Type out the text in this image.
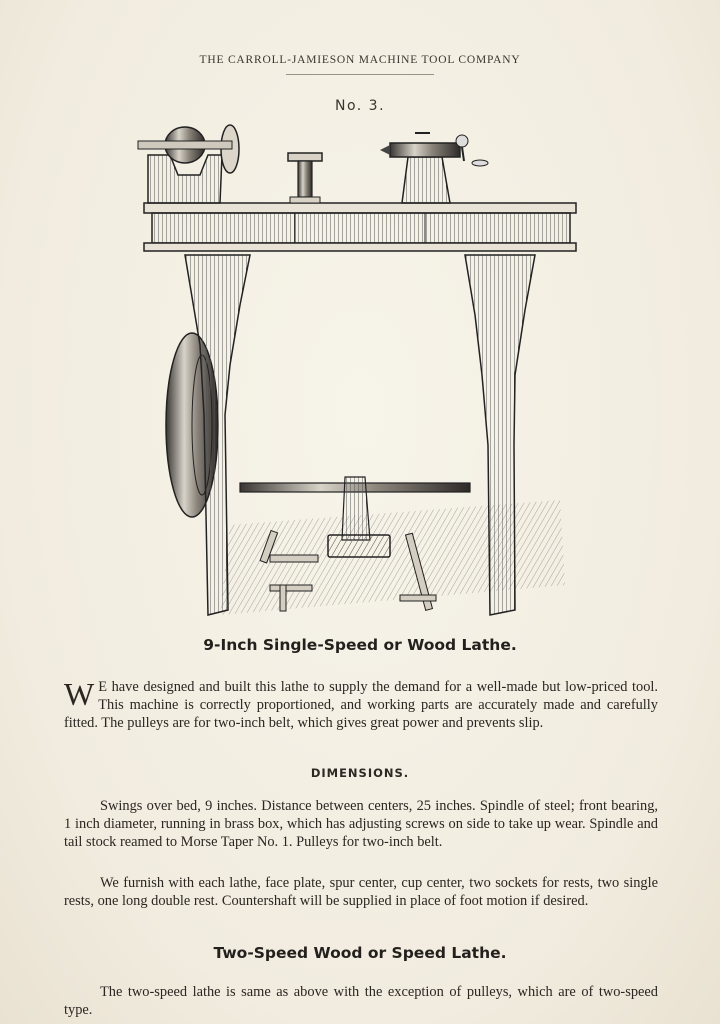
THE CARROLL-JAMIESON MACHINE TOOL COMPANY
No. 3.
9-Inch Single-Speed or Wood Lathe.
W E have designed and built this lathe to supply the demand for a well-made but low-priced tool. This machine is correctly proportioned, and working parts are accurately made and carefully fitted. The pulleys are for two-inch belt, which gives great power and prevents slip.
DIMENSIONS.
Swings over bed, 9 inches. Distance between centers, 25 inches. Spindle of steel; front bearing, 1 inch diameter, running in brass box, which has adjusting screws on side to take up wear. Spindle and tail stock reamed to Morse Taper No. 1. Pulleys for two-inch belt.
We furnish with each lathe, face plate, spur center, cup center, two sockets for rests, two single rests, one long double rest. Countershaft will be supplied in place of foot motion if desired.
Two-Speed Wood or Speed Lathe.
The two-speed lathe is same as above with the exception of pulleys, which are of two-speed type.
